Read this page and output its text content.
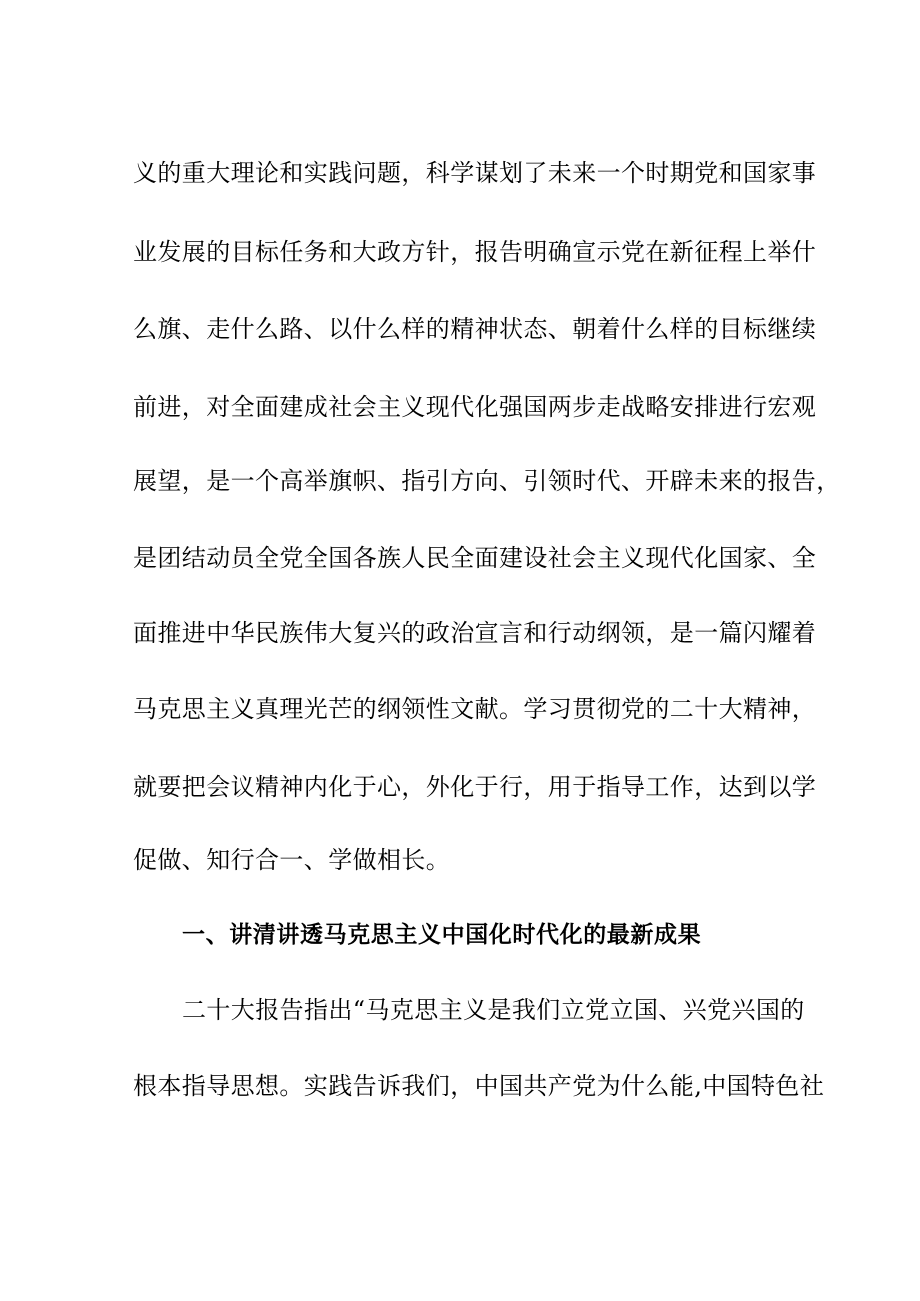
义的重大理论和实践问题，科学谋划了未来一个时期党和国家事
业发展的目标任务和大政方针，报告明确宣示党在新征程上举什
么旗、走什么路、以什么样的精神状态、朝着什么样的目标继续
前进，对全面建成社会主义现代化强国两步走战略安排进行宏观
展望，是一个高举旗帜、指引方向、引领时代、开辟未来的报告，
是团结动员全党全国各族人民全面建设社会主义现代化国家、全
面推进中华民族伟大复兴的政治宣言和行动纲领，是一篇闪耀着
马克思主义真理光芒的纲领性文献。学习贯彻党的二十大精神，
就要把会议精神内化于心，外化于行，用于指导工作，达到以学
促做、知行合一、学做相长。
一、讲清讲透马克思主义中国化时代化的最新成果
二十大报告指出“马克思主义是我们立党立国、兴党兴国的
根本指导思想。实践告诉我们，中国共产党为什么能,中国特色社
